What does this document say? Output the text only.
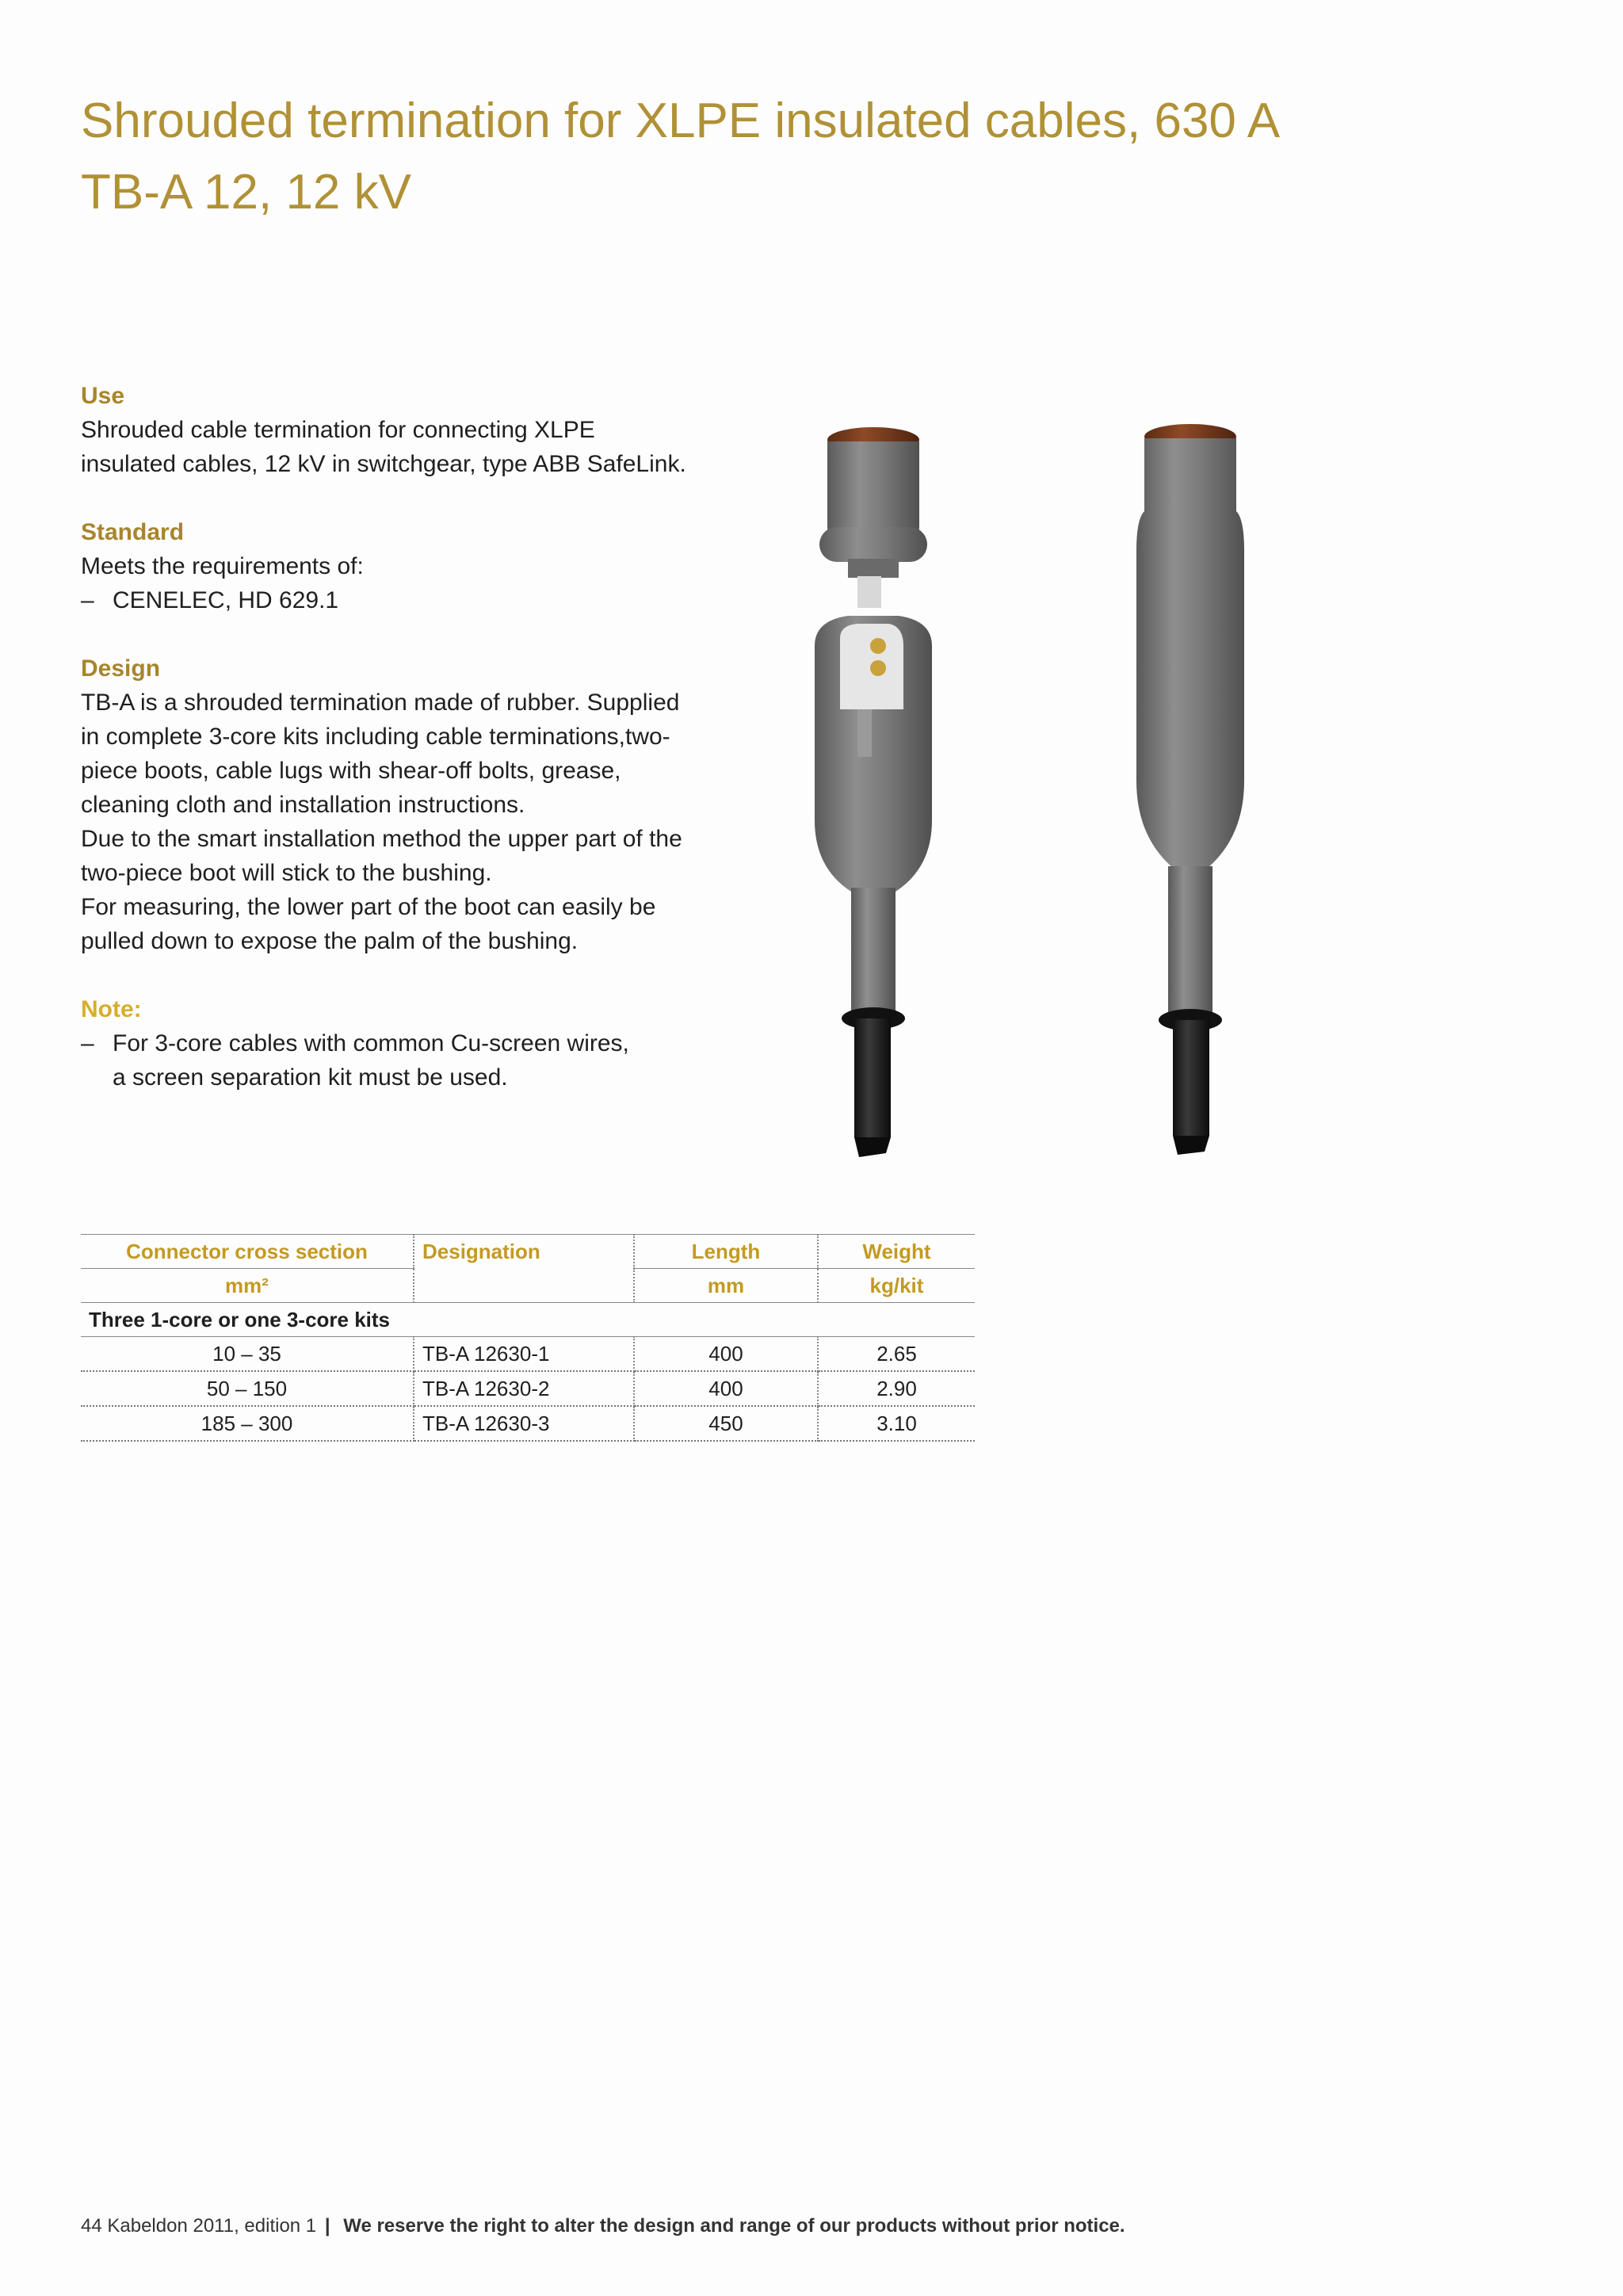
Shrouded termination for XLPE insulated cables, 630 A
TB-A 12, 12 kV
Use

Shrouded cable termination for connecting XLPE

insulated cables, 12 kV in switchgear, type ABB SafeLink.

Standard

Meets the requirements of:

– CENELEC, HD 629.1

Design

TB-A is a shrouded termination made of rubber. Supplied

in complete 3-core kits including cable terminations,two-

piece boots, cable lugs with shear-off bolts, grease,

cleaning cloth and installation instructions.

Due to the smart installation method the upper part of the

two-piece boot will stick to the bushing.

For measuring, the lower part of the boot can easily be

pulled down to expose the palm of the bushing.

Note:

– For 3-core cables with common Cu-screen wires,
a screen separation kit must be used.

Connector cross section	Designation	Length	Weight
mm²		mm	kg/kit
Three 1-core or one 3-core kits			
10 – 35	TB-A 12630-1	400	2.65
50 – 150	TB-A 12630-2	400	2.90
185 – 300	TB-A 12630-3	450	3.10
44 Kabeldon 2011, edition 1 | We reserve the right to alter the design and range of our products without prior notice.
